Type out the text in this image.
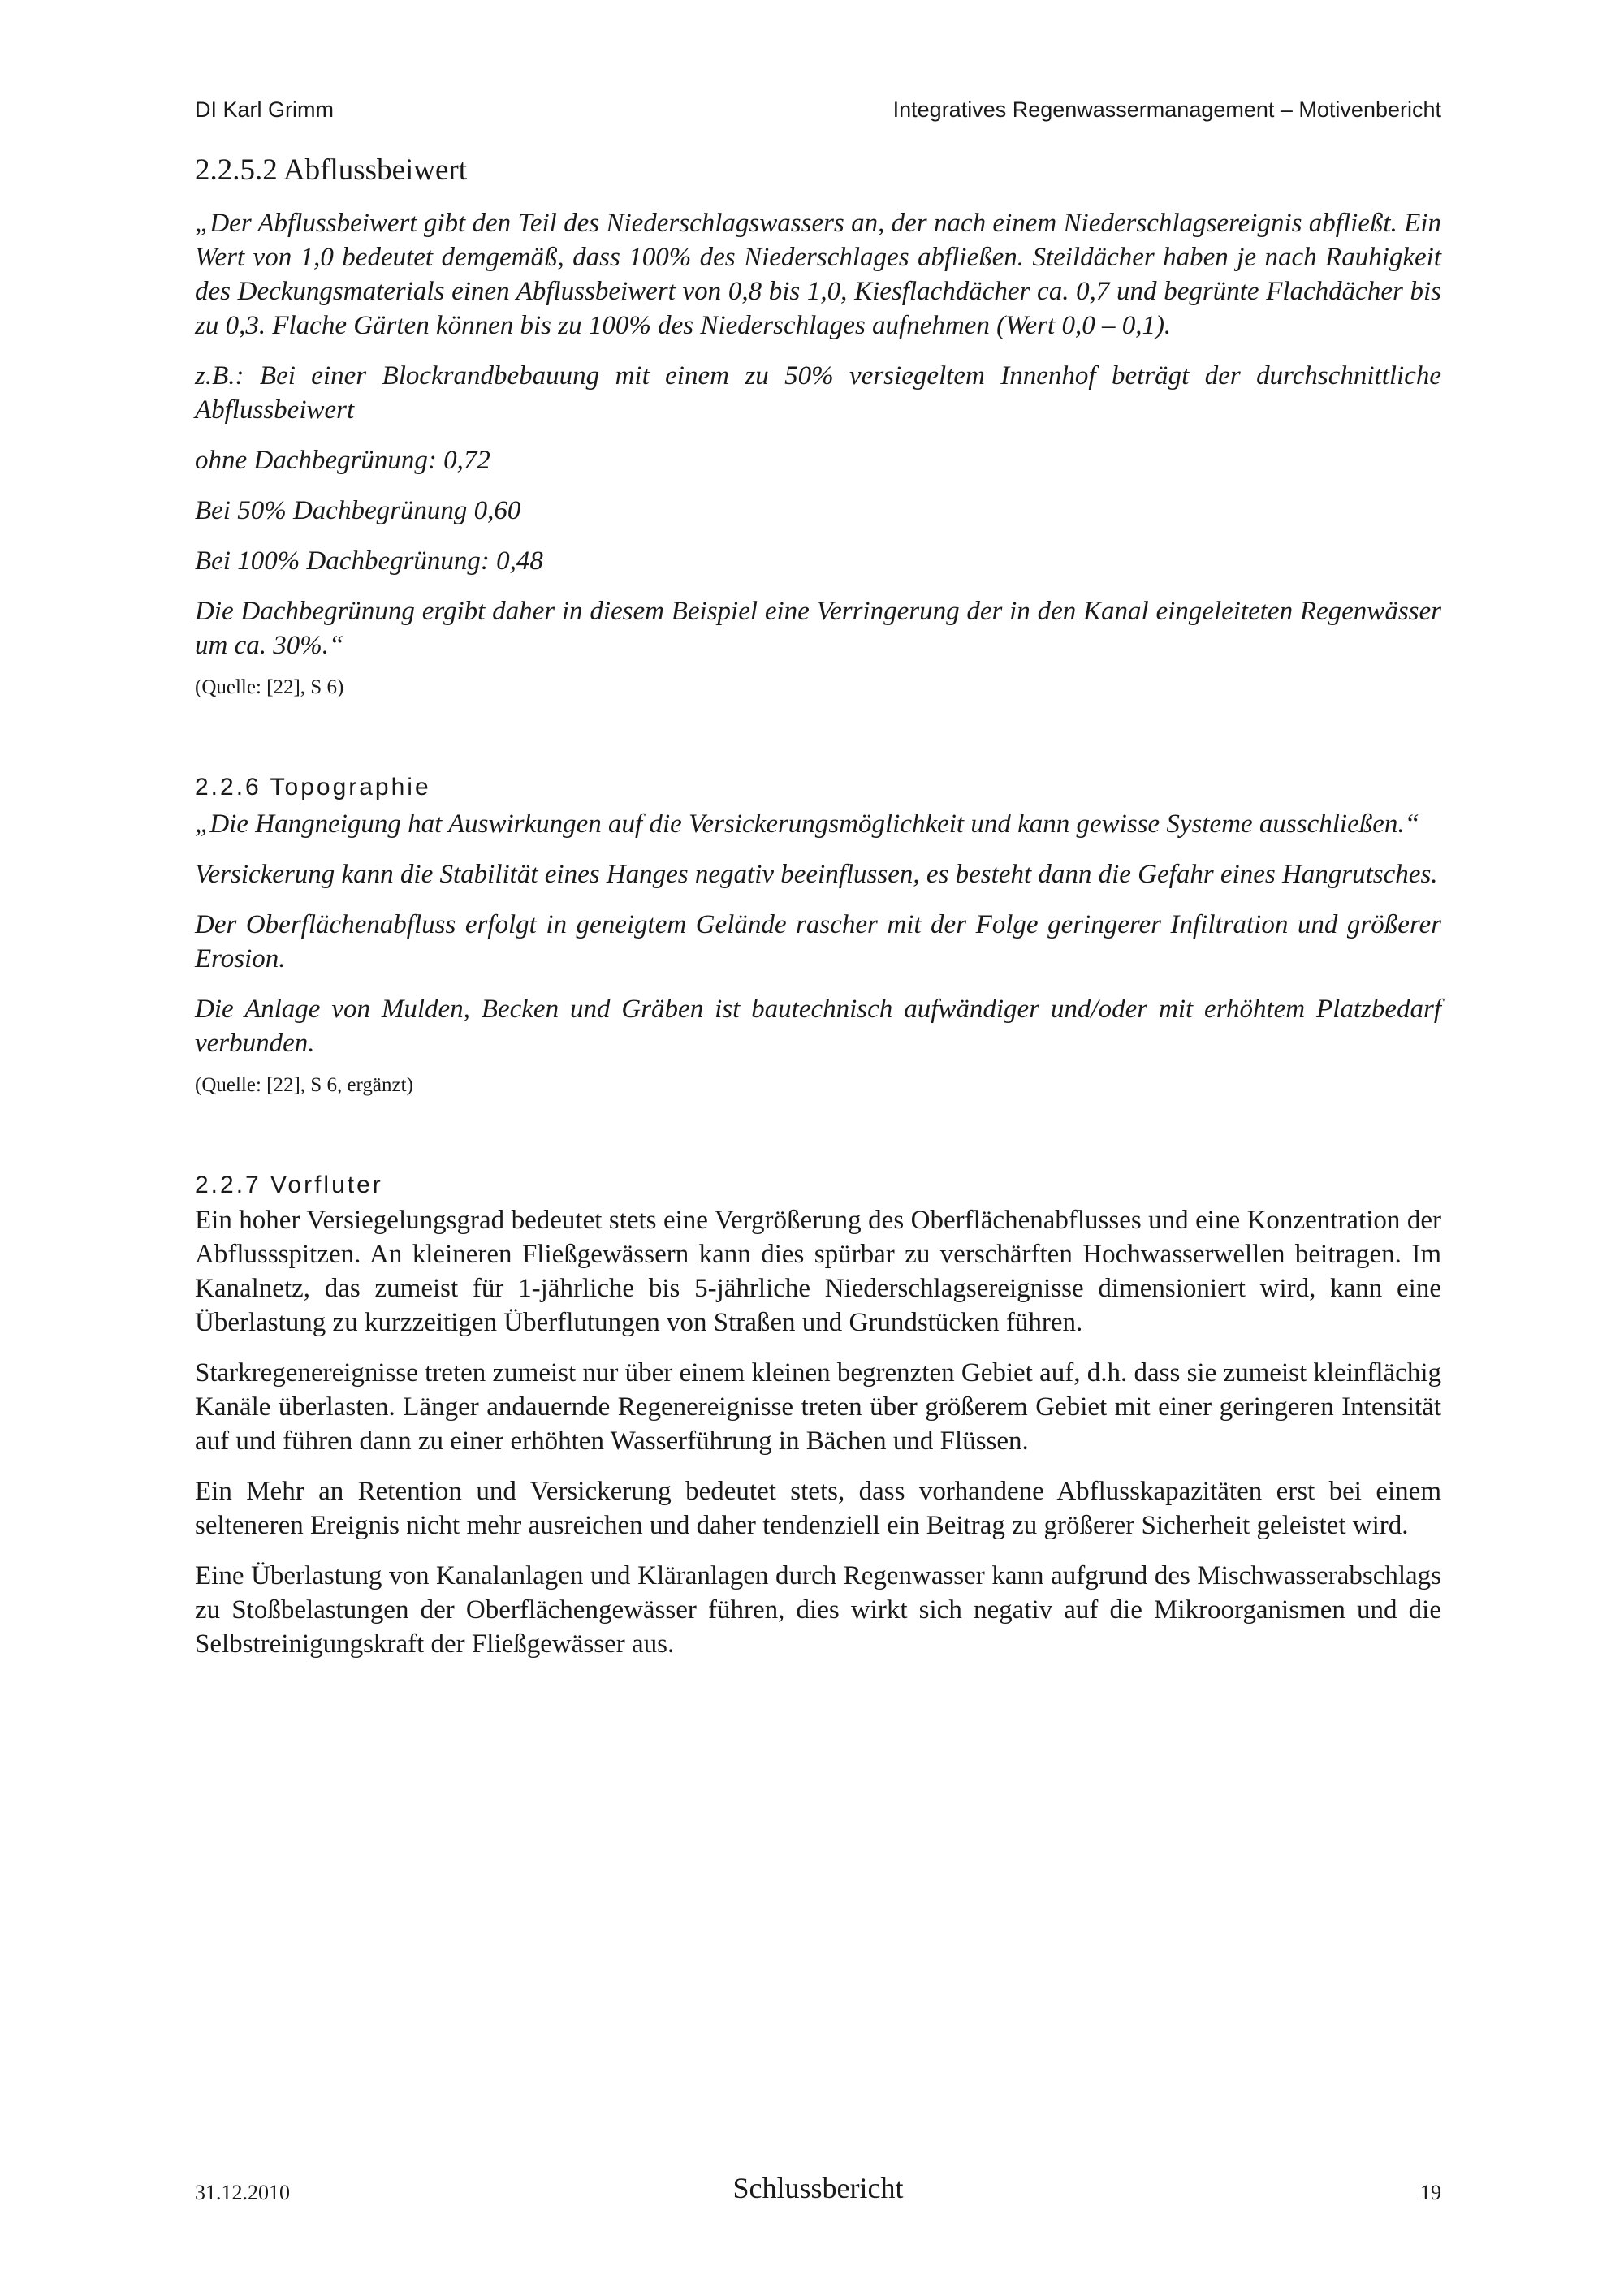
DI Karl Grimm	Integratives Regenwassermanagement – Motivenbericht
2.2.5.2 Abflussbeiwert

„Der Abflussbeiwert gibt den Teil des Niederschlagswassers an, der nach einem Niederschlagsereignis abfließt. Ein Wert von 1,0 bedeutet demgemäß, dass 100% des Niederschlages abfließen. Steildächer haben je nach Rauhigkeit des Deckungsmaterials einen Abflussbeiwert von 0,8 bis 1,0, Kiesflachdächer ca. 0,7 und begrünte Flachdächer bis zu 0,3. Flache Gärten können bis zu 100% des Niederschlages aufnehmen (Wert 0,0 – 0,1).

z.B.: Bei einer Blockrandbebauung mit einem zu 50% versiegeltem Innenhof beträgt der durchschnittliche Abflussbeiwert

ohne Dachbegrünung: 0,72

Bei 50% Dachbegrünung 0,60

Bei 100% Dachbegrünung: 0,48

Die Dachbegrünung ergibt daher in diesem Beispiel eine Verringerung der in den Kanal eingeleiteten Regenwässer um ca. 30%.“

(Quelle: [22], S 6)

2.2.6 Topographie

„Die Hangneigung hat Auswirkungen auf die Versickerungsmöglichkeit und kann gewisse Systeme ausschließen.“

Versickerung kann die Stabilität eines Hanges negativ beeinflussen, es besteht dann die Gefahr eines Hangrutsches.

Der Oberflächenabfluss erfolgt in geneigtem Gelände rascher mit der Folge geringerer Infiltration und größerer Erosion.

Die Anlage von Mulden, Becken und Gräben ist bautechnisch aufwändiger und/oder mit erhöhtem Platzbedarf verbunden.

(Quelle: [22], S 6, ergänzt)

2.2.7 Vorfluter

Ein hoher Versiegelungsgrad bedeutet stets eine Vergrößerung des Oberflächenabflusses und eine Konzentration der Abflussspitzen. An kleineren Fließgewässern kann dies spürbar zu verschärften Hochwasserwellen beitragen. Im Kanalnetz, das zumeist für 1-jährliche bis 5-jährliche Niederschlagsereignisse dimensioniert wird, kann eine Überlastung zu kurzzeitigen Überflutungen von Straßen und Grundstücken führen.

Starkregenereignisse treten zumeist nur über einem kleinen begrenzten Gebiet auf, d.h. dass sie zumeist kleinflächig Kanäle überlasten. Länger andauernde Regenereignisse treten über größerem Gebiet mit einer geringeren Intensität auf und führen dann zu einer erhöhten Wasserführung in Bächen und Flüssen.

Ein Mehr an Retention und Versickerung bedeutet stets, dass vorhandene Abflusskapazitäten erst bei einem selteneren Ereignis nicht mehr ausreichen und daher tendenziell ein Beitrag zu größerer Sicherheit geleistet wird.

Eine Überlastung von Kanalanlagen und Kläranlagen durch Regenwasser kann aufgrund des Mischwasserabschlags zu Stoßbelastungen der Oberflächengewässer führen, dies wirkt sich negativ auf die Mikroorganismen und die Selbstreinigungskraft der Fließgewässer aus.

31.12.2010	Schlussbericht	19
